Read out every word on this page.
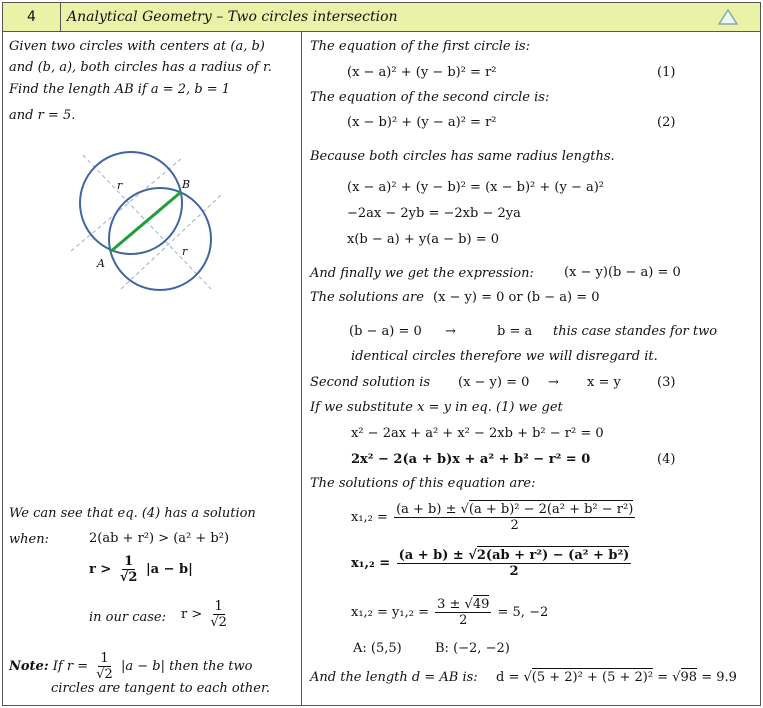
4	Analytical Geometry – Two circles intersection
Given two circles with centers at (a, b)
and (b, a), both circles has a radius of r.
Find the length AB if a = 2, b = 1
and r = 5.
r
r
A
B
We can see that eq. (4) has a solution
when:	2(ab + r²) > (a² + b²)
$r > \frac{1}{√2} |a - b|$
in our case: $r > \frac{1}{√2}$
Note: If $r = \frac{1}{√2} |a - b|$ then the two
circles are tangent to each other.
The equation of the first circle is:
(x − a)² + (y − b)² = r²	(1)
The equation of the second circle is:
(x − b)² + (y − a)² = r²	(2)
Because both circles has same radius lengths.
(x − a)² + (y − b)² = (x − b)² + (y − a)²
−2ax − 2yb = −2xb − 2ya
x(b − a) + y(a − b) = 0
And finally we get the expression: (x − y)(b − a) = 0
The solutions are (x − y) = 0 or (b − a) = 0
(b − a) = 0 →	b = a this case standes for two
identical circles therefore we will disregard it.
Second solution is (x − y) = 0 → x = y	(3)
If we substitute x = y in eq. (1) we get
x² − 2ax + a² + x² − 2xb + b² − r² = 0
2x² − 2(a + b)x + a² + b² − r² = 0	(4)
The solutions of this equation are:
$x_1,_2 = \frac{\text{(a + b) ± √(a + b)² − 2(a² + b² − r²)}}{2}$
$x_1,_2 = \frac{\text{(a + b) ± √2(ab + r²) − (a² + b²)}}{2}$
$x_1,_2 = y_1,_2 = \frac{3 \pm √49}{2} = 5$, −2
A: (5,5)	B: (−2, −2)
And the length d = AB is: d = √(5 + 2)² + (5 + 2)² = √98 = 9.9
